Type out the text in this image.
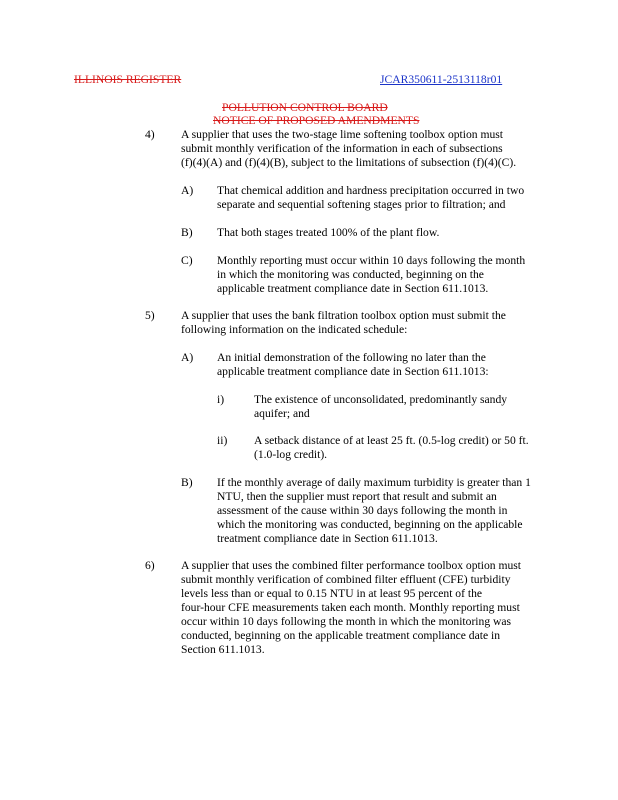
ILLINOIS REGISTER	JCAR350611-2513118r01
POLLUTION CONTROL BOARD
NOTICE OF PROPOSED AMENDMENTS
4) A supplier that uses the two-stage lime softening toolbox option must
submit monthly verification of the information in each of subsections
(f)(4)(A) and (f)(4)(B), subject to the limitations of subsection (f)(4)(C).
A) That chemical addition and hardness precipitation occurred in two
separate and sequential softening stages prior to filtration; and
B) That both stages treated 100% of the plant flow.
C) Monthly reporting must occur within 10 days following the month
in which the monitoring was conducted, beginning on the
applicable treatment compliance date in Section 611.1013.
5) A supplier that uses the bank filtration toolbox option must submit the
following information on the indicated schedule:
A) An initial demonstration of the following no later than the
applicable treatment compliance date in Section 611.1013:
i)	The existence of unconsolidated, predominantly sandy
aquifer; and
ii) A setback distance of at least 25 ft. (0.5-log credit) or 50 ft.
(1.0-log credit).
B) If the monthly average of daily maximum turbidity is greater than 1
NTU, then the supplier must report that result and submit an
assessment of the cause within 30 days following the month in
which the monitoring was conducted, beginning on the applicable
treatment compliance date in Section 611.1013.
6) A supplier that uses the combined filter performance toolbox option must
submit monthly verification of combined filter effluent (CFE) turbidity
levels less than or equal to 0.15 NTU in at least 95 percent of the
four-hour CFE measurements taken each month. Monthly reporting must
occur within 10 days following the month in which the monitoring was
conducted, beginning on the applicable treatment compliance date in
Section 611.1013.
